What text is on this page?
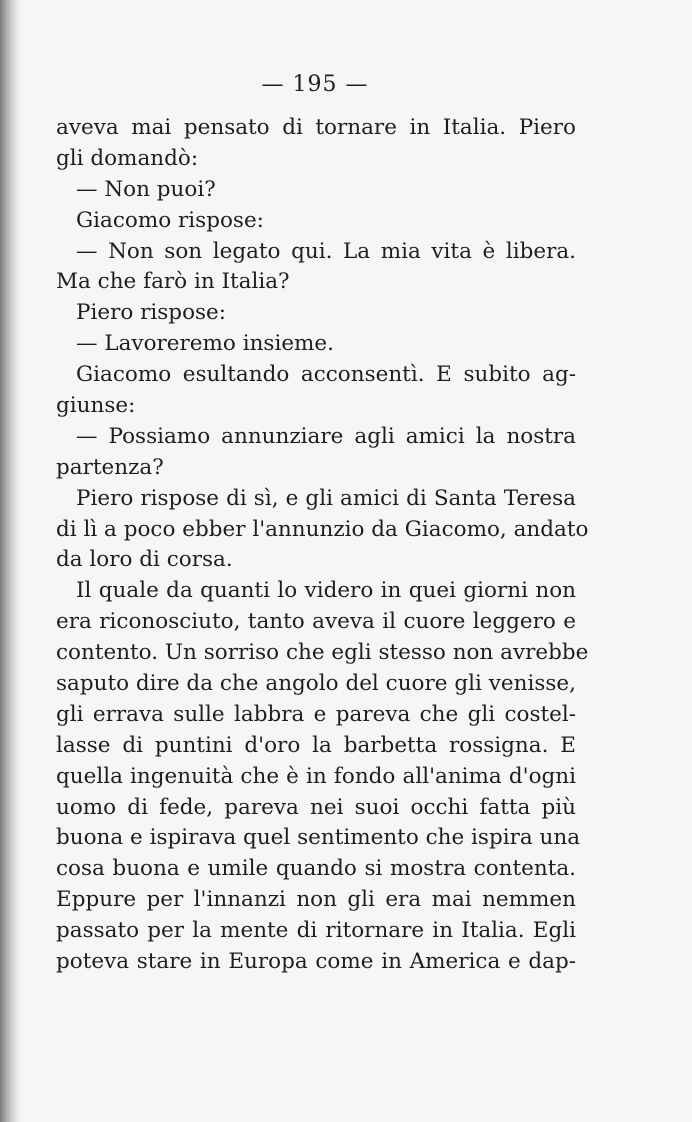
— 195 —
aveva mai pensato di tornare in Italia. Piero
gli domandò:
— Non puoi?
Giacomo rispose:
— Non son legato qui. La mia vita è libera.
Ma che farò in Italia?
Piero rispose:
— Lavoreremo insieme.
Giacomo esultando acconsentì. E subito ag-
giunse:
— Possiamo annunziare agli amici la nostra
partenza?
Piero rispose di sì, e gli amici di Santa Teresa
di lì a poco ebber l'annunzio da Giacomo, andato
da loro di corsa.
Il quale da quanti lo videro in quei giorni non
era riconosciuto, tanto aveva il cuore leggero e
contento. Un sorriso che egli stesso non avrebbe
saputo dire da che angolo del cuore gli venisse,
gli errava sulle labbra e pareva che gli costel-
lasse di puntini d'oro la barbetta rossigna. E
quella ingenuità che è in fondo all'anima d'ogni
uomo di fede, pareva nei suoi occhi fatta più
buona e ispirava quel sentimento che ispira una
cosa buona e umile quando si mostra contenta.
Eppure per l'innanzi non gli era mai nemmen
passato per la mente di ritornare in Italia. Egli
poteva stare in Europa come in America e dap-
